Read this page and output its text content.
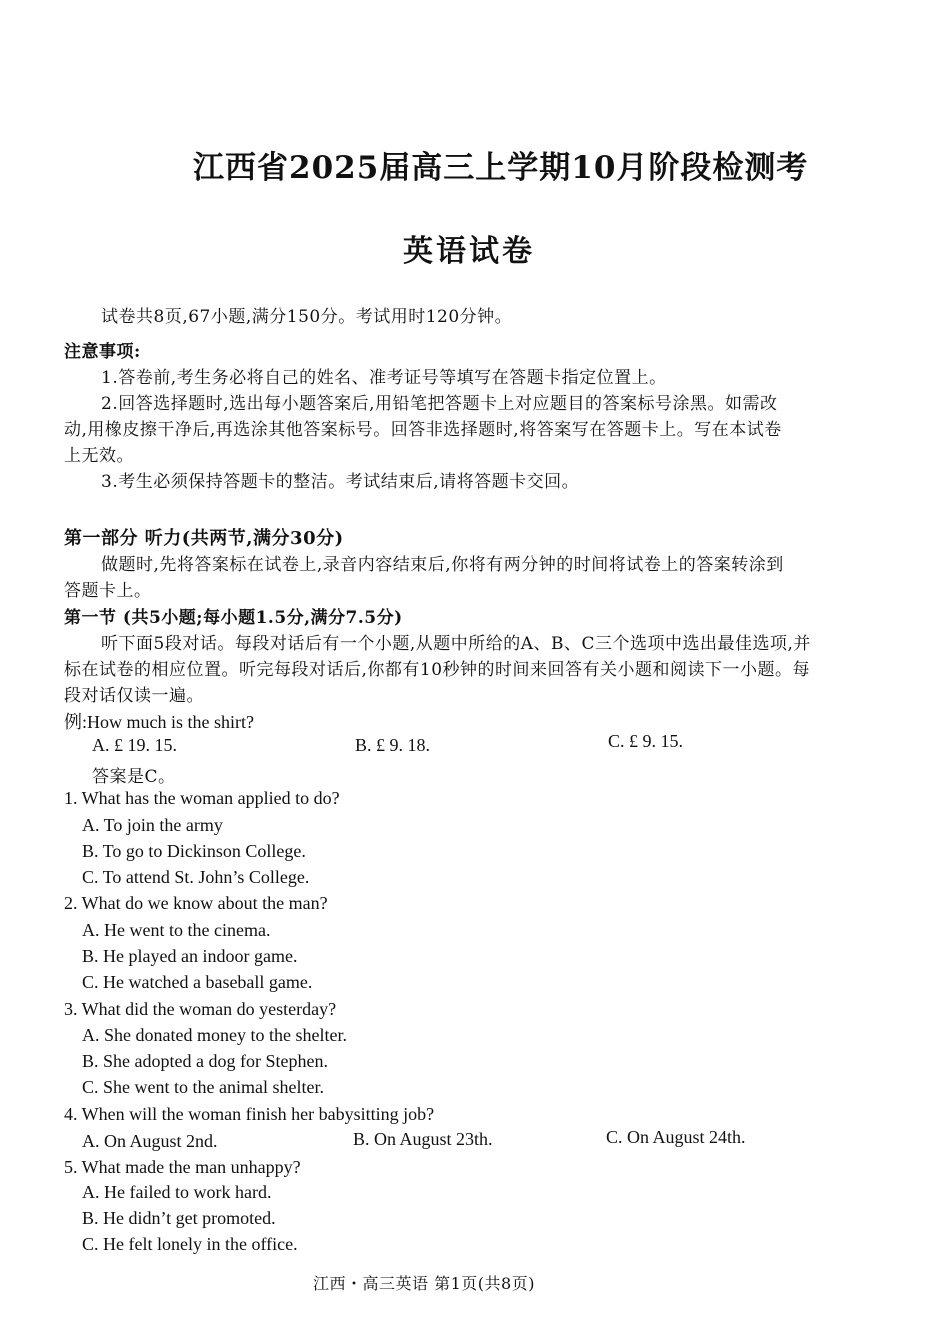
江西省2025届高三上学期10月阶段检测考
英语试卷
试卷共8页,67小题,满分150分。考试用时120分钟。
注意事项:
1.答卷前,考生务必将自己的姓名、准考证号等填写在答题卡指定位置上。
2.回答选择题时,选出每小题答案后,用铅笔把答题卡上对应题目的答案标号涂黑。如需改
动,用橡皮擦干净后,再选涂其他答案标号。回答非选择题时,将答案写在答题卡上。写在本试卷
上无效。
3.考生必须保持答题卡的整洁。考试结束后,请将答题卡交回。
第一部分 听力(共两节,满分30分)
做题时,先将答案标在试卷上,录音内容结束后,你将有两分钟的时间将试卷上的答案转涂到
答题卡上。
第一节 (共5小题;每小题1.5分,满分7.5分)
听下面5段对话。每段对话后有一个小题,从题中所给的A、B、C三个选项中选出最佳选项,并
标在试卷的相应位置。听完每段对话后,你都有10秒钟的时间来回答有关小题和阅读下一小题。每
段对话仅读一遍。
例:How much is the shirt?
A. £ 19. 15.	B. £ 9. 18.	C. £ 9. 15.
答案是C。
1. What has the woman applied to do?
A. To join the army
B. To go to Dickinson College.
C. To attend St. John’s College.
2. What do we know about the man?
A. He went to the cinema.
B. He played an indoor game.
C. He watched a baseball game.
3. What did the woman do yesterday?
A. She donated money to the shelter.
B. She adopted a dog for Stephen.
C. She went to the animal shelter.
4. When will the woman finish her babysitting job?
A. On August 2nd.	B. On August 23th.	C. On August 24th.
5. What made the man unhappy?
A. He failed to work hard.
B. He didn’t get promoted.
C. He felt lonely in the office.
江西・高三英语 第1页(共8页)
